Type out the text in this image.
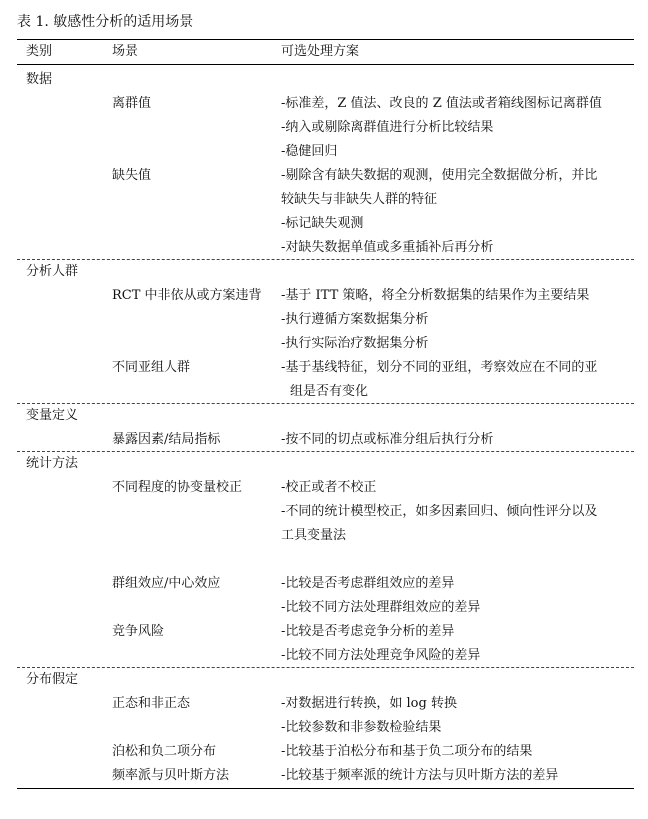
表 1. 敏感性分析的适用场景
类别	场景	可选处理方案
数据
离群值	-标准差，Z 值法、改良的 Z 值法或者箱线图标记离群值
-纳入或剔除离群值进行分析比较结果
-稳健回归
缺失值	-剔除含有缺失数据的观测，使用完全数据做分析，并比
较缺失与非缺失人群的特征
-标记缺失观测
-对缺失数据单值或多重插补后再分析
分析人群
RCT 中非依从或方案违背 -基于 ITT 策略，将全分析数据集的结果作为主要结果
-执行遵循方案数据集分析
-执行实际治疗数据集分析
不同亚组人群	-基于基线特征，划分不同的亚组，考察效应在不同的亚
组是否有变化
变量定义
暴露因素/结局指标	-按不同的切点或标准分组后执行分析
统计方法
不同程度的协变量校正	-校正或者不校正
-不同的统计模型校正，如多因素回归、倾向性评分以及
工具变量法
群组效应/中心效应	-比较是否考虑群组效应的差异
-比较不同方法处理群组效应的差异
竞争风险	-比较是否考虑竞争分析的差异
-比较不同方法处理竞争风险的差异
分布假定
正态和非正态	-对数据进行转换，如 log 转换
-比较参数和非参数检验结果
泊松和负二项分布	-比较基于泊松分布和基于负二项分布的结果
频率派与贝叶斯方法	-比较基于频率派的统计方法与贝叶斯方法的差异
